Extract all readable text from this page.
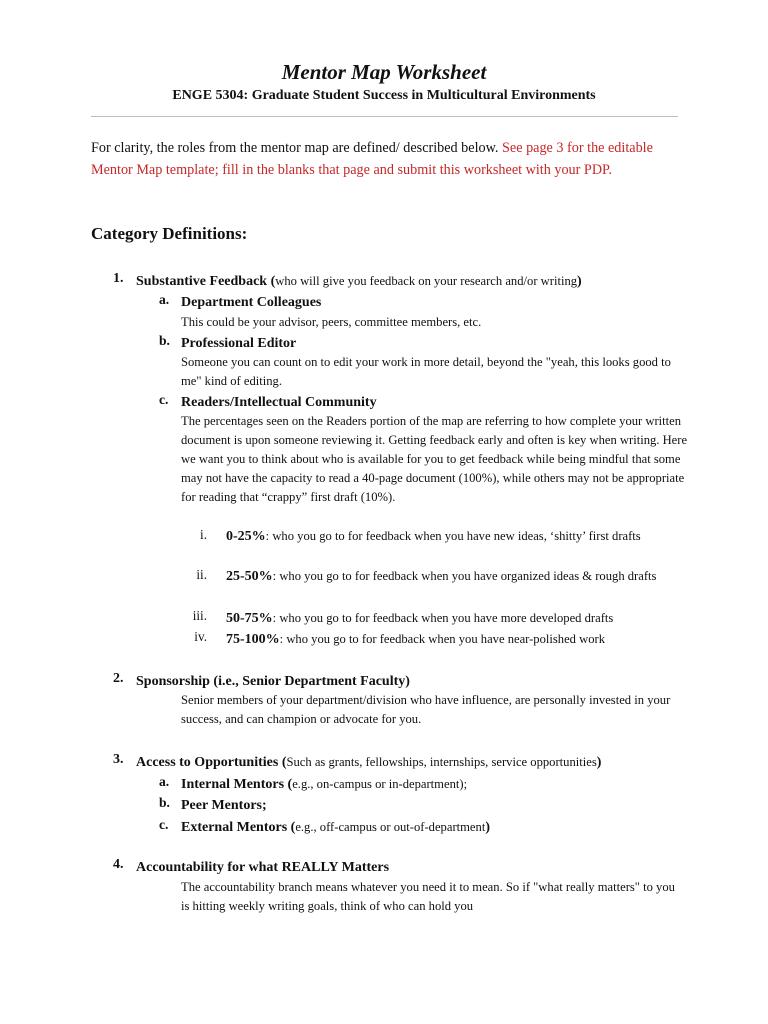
Mentor Map Worksheet
ENGE 5304: Graduate Student Success in Multicultural Environments
For clarity, the roles from the mentor map are defined/ described below. See page 3 for the editable Mentor Map template; fill in the blanks that page and submit this worksheet with your PDP.
Category Definitions:
1. Substantive Feedback (who will give you feedback on your research and/or writing)
a. Department Colleagues
This could be your advisor, peers, committee members, etc.
b. Professional Editor
Someone you can count on to edit your work in more detail, beyond the "yeah, this looks good to me" kind of editing.
c. Readers/Intellectual Community
The percentages seen on the Readers portion of the map are referring to how complete your written document is upon someone reviewing it. Getting feedback early and often is key when writing. Here we want you to think about who is available for you to get feedback while being mindful that some may not have the capacity to read a 40-page document (100%), while others may not be appropriate for reading that “crappy” first draft (10%).
i. 0-25%: who you go to for feedback when you have new ideas, ‘shitty’ first drafts
ii. 25-50%: who you go to for feedback when you have organized ideas & rough drafts
iii. 50-75%: who you go to for feedback when you have more developed drafts
iv. 75-100%: who you go to for feedback when you have near-polished work
2. Sponsorship (i.e., Senior Department Faculty)
Senior members of your department/division who have influence, are personally invested in your success, and can champion or advocate for you.
3. Access to Opportunities (Such as grants, fellowships, internships, service opportunities)
a. Internal Mentors (e.g., on-campus or in-department);
b. Peer Mentors;
c. External Mentors (e.g., off-campus or out-of-department)
4. Accountability for what REALLY Matters
The accountability branch means whatever you need it to mean. So if "what really matters" to you is hitting weekly writing goals, think of who can hold you
